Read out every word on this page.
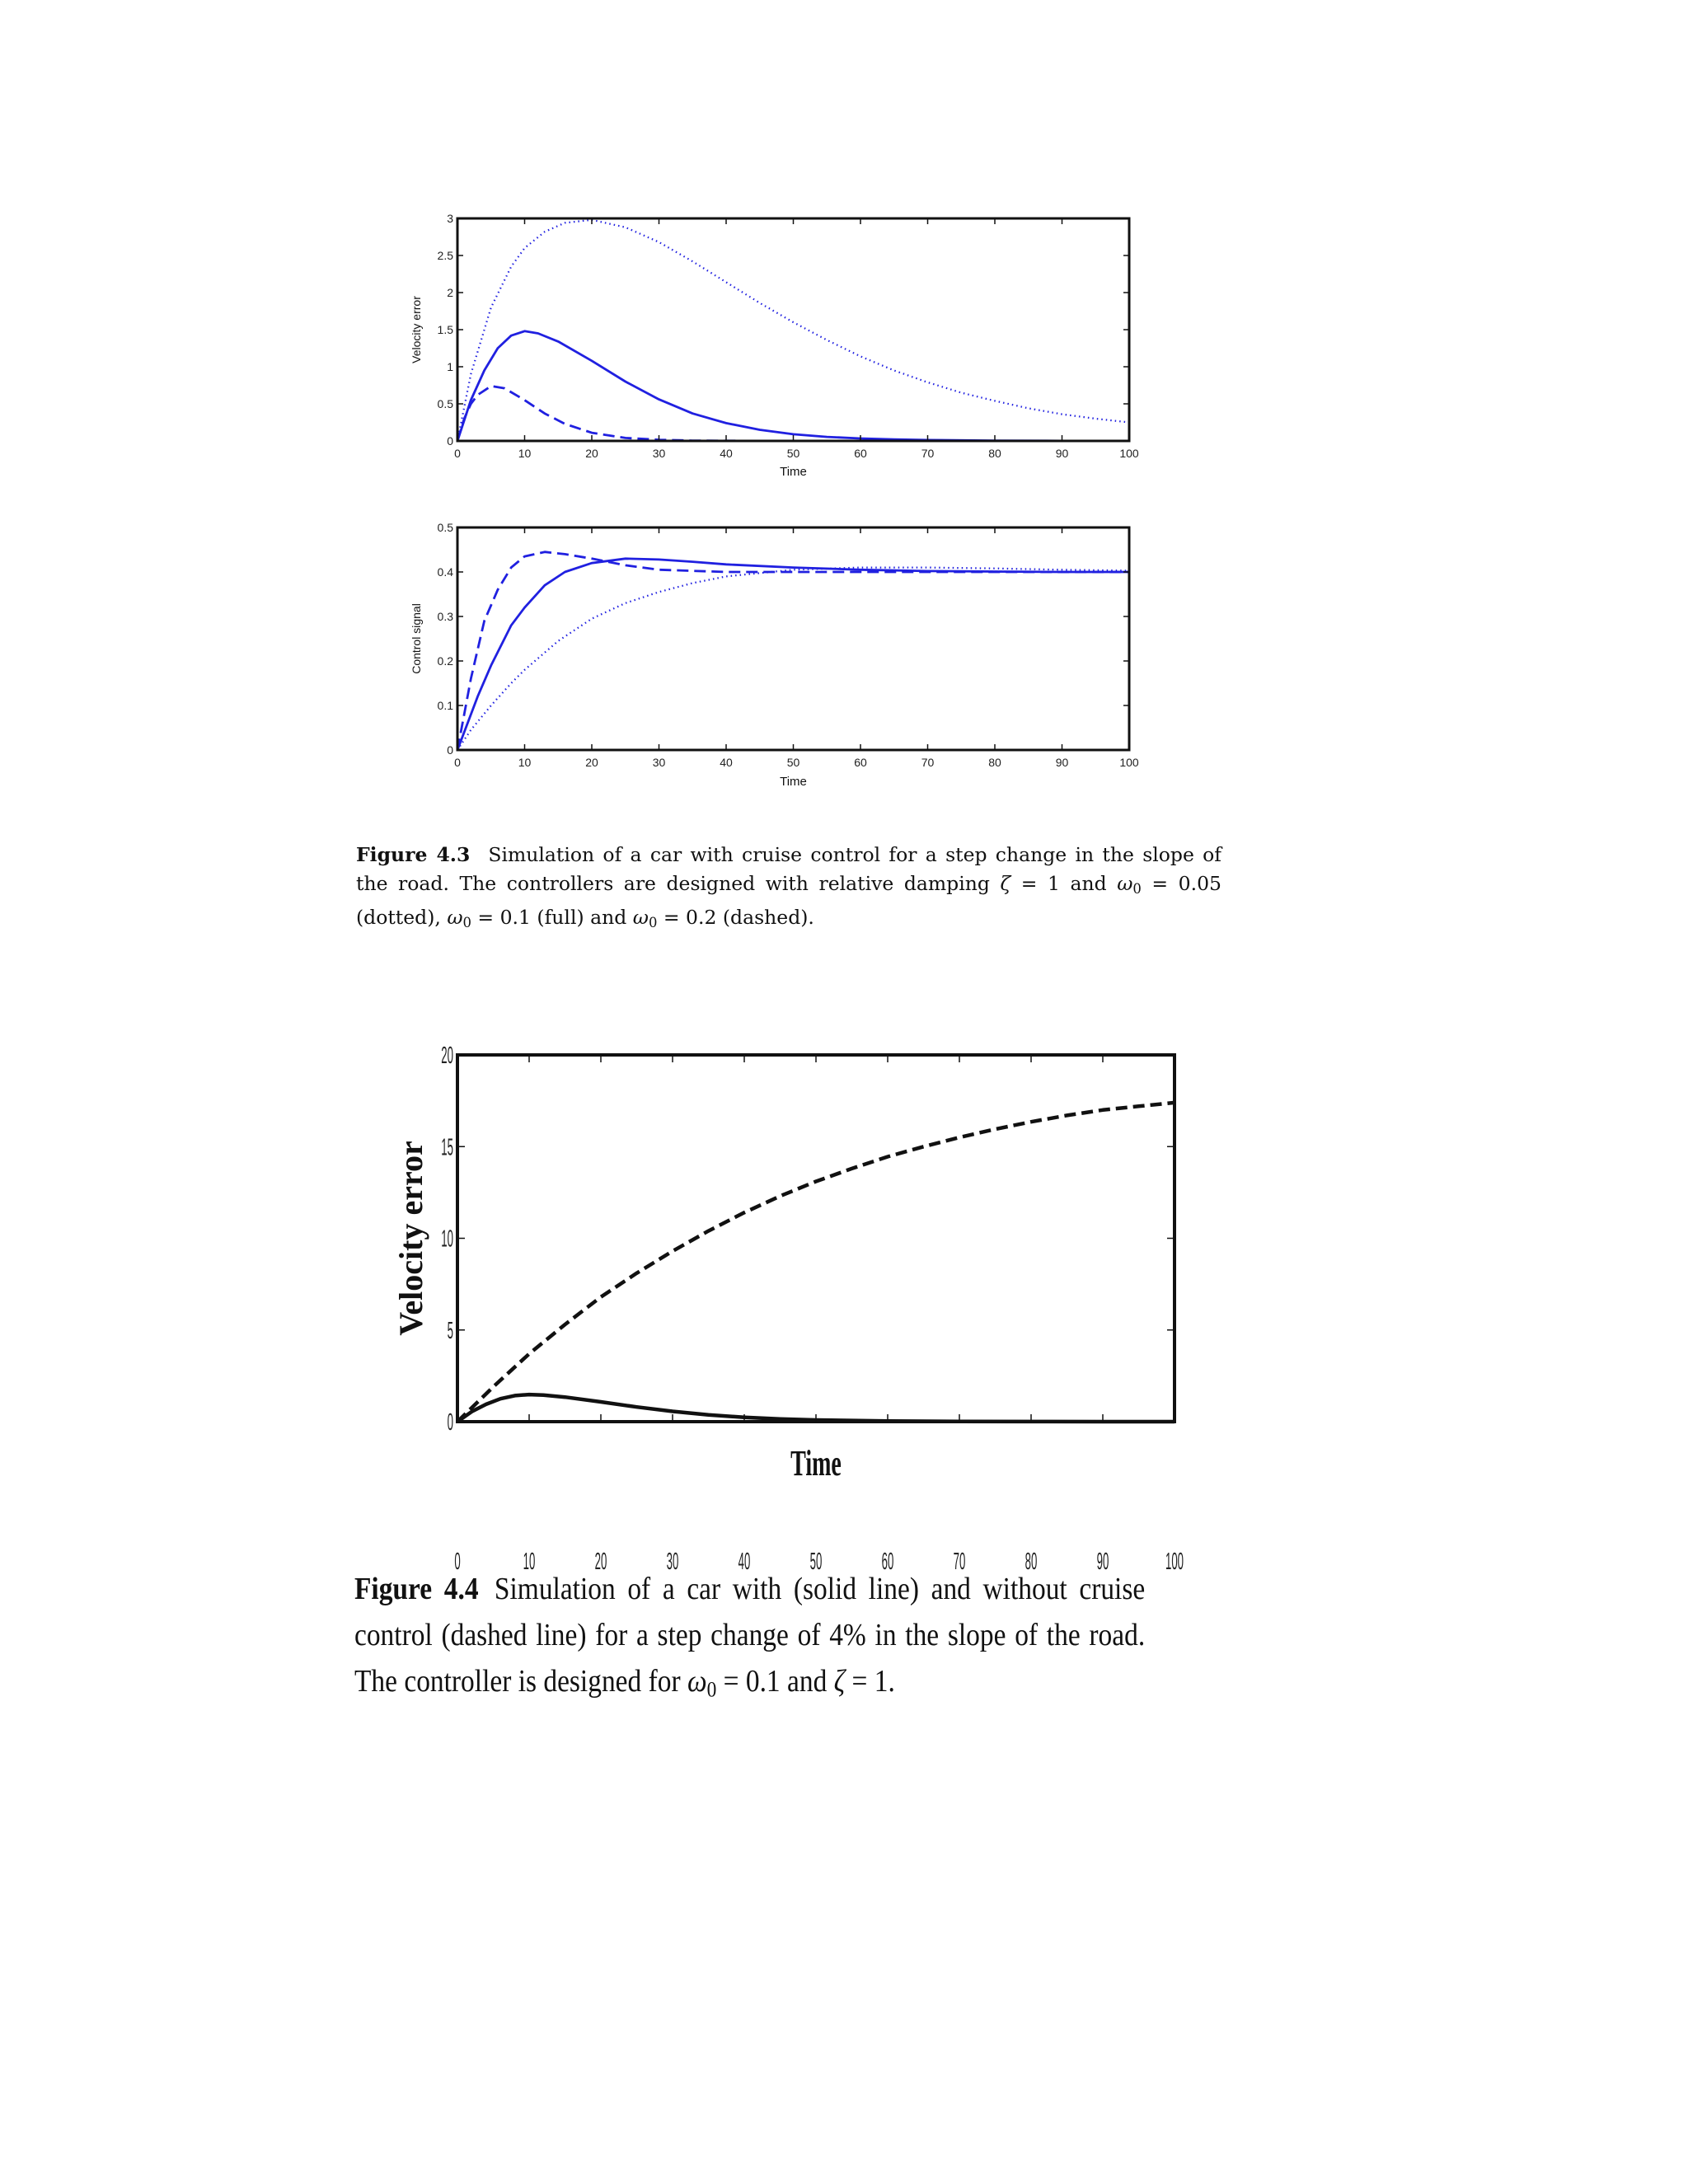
0	10	20	30	40	50	60	70	80	90	100
0
0.5
1
1.5
2
2.5
3
Time
Velocity error
0	10	20	30	40	50	60	70	80	90	100
0
0.1
0.2
0.3
0.4
0.5
Time
Control signal

Figure 4.3 Simulation of a car with cruise control for a step change in the slope of the road. The controllers are designed with relative damping ζ = 1 and $\omega_0 = 0.05$ (dotted), $\omega_0 = 0.1$ (full) and $\omega_0 = 0.2$ (dashed).

0	10	20	30	40	50	60	70	80	90	100
0
5
10
15
20
Time
Velocity error

Figure 4.4 Simulation of a car with (solid line) and without cruise control (dashed line) for a step change of 4% in the slope of the road. The controller is designed for $\omega_0 = 0.1$ and ζ = 1.
